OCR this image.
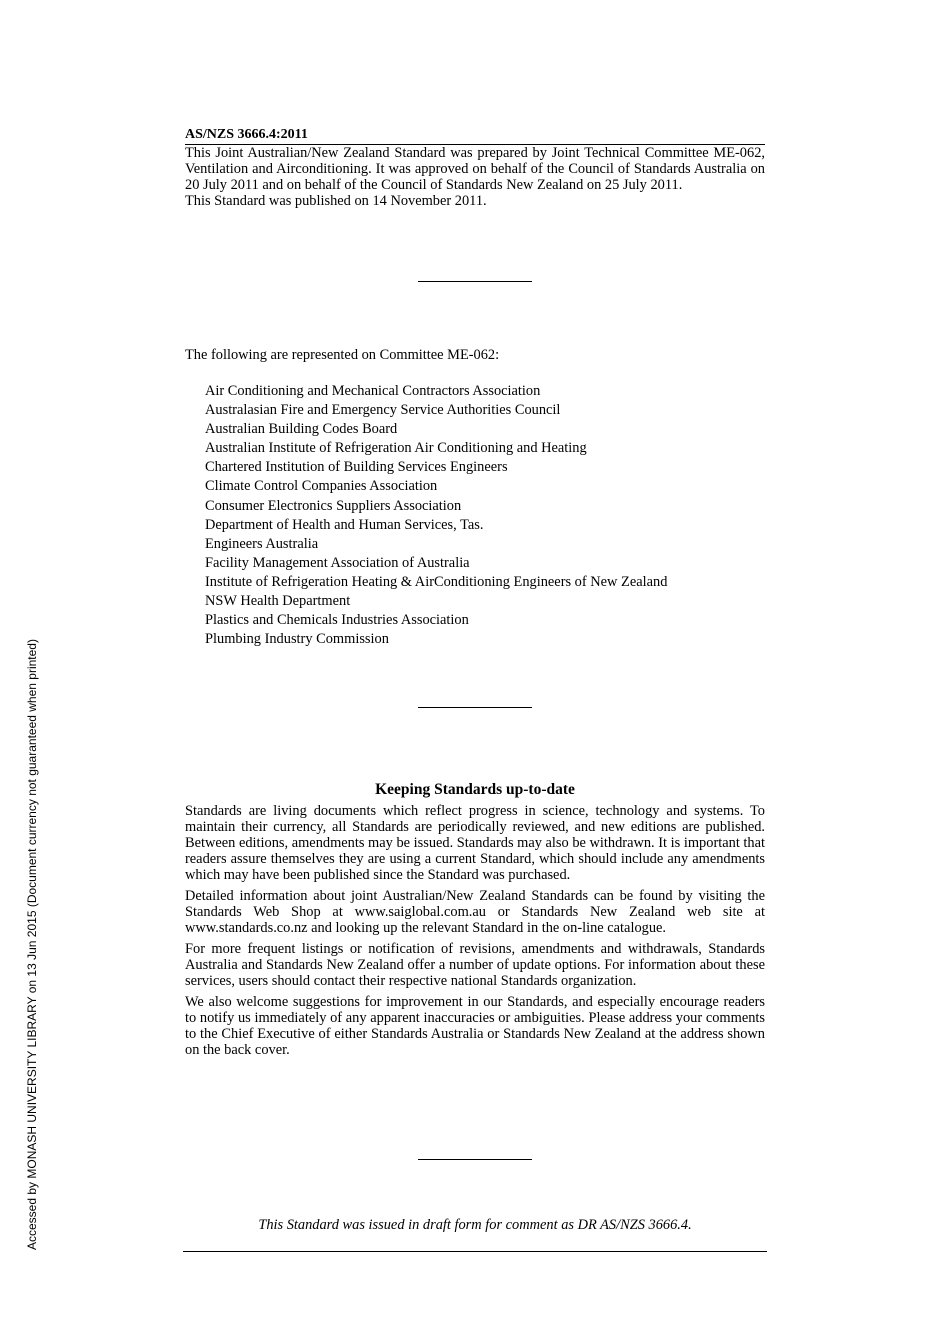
Accessed by MONASH UNIVERSITY LIBRARY on 13 Jun 2015 (Document currency not guaranteed when printed)
AS/NZS 3666.4:2011

This Joint Australian/New Zealand Standard was prepared by Joint Technical Committee ME-062, Ventilation and Airconditioning. It was approved on behalf of the Council of Standards Australia on 20 July 2011 and on behalf of the Council of Standards New Zealand on 25 July 2011.

This Standard was published on 14 November 2011.

The following are represented on Committee ME-062:
Air Conditioning and Mechanical Contractors Association
Australasian Fire and Emergency Service Authorities Council
Australian Building Codes Board
Australian Institute of Refrigeration Air Conditioning and Heating
Chartered Institution of Building Services Engineers
Climate Control Companies Association
Consumer Electronics Suppliers Association
Department of Health and Human Services, Tas.
Engineers Australia
Facility Management Association of Australia
Institute of Refrigeration Heating & AirConditioning Engineers of New Zealand
NSW Health Department
Plastics and Chemicals Industries Association
Plumbing Industry Commission
Keeping Standards up-to-date

Standards are living documents which reflect progress in science, technology and systems. To maintain their currency, all Standards are periodically reviewed, and new editions are published. Between editions, amendments may be issued. Standards may also be withdrawn. It is important that readers assure themselves they are using a current Standard, which should include any amendments which may have been published since the Standard was purchased.

Detailed information about joint Australian/New Zealand Standards can be found by visiting the Standards Web Shop at www.saiglobal.com.au or Standards New Zealand web site at www.standards.co.nz and looking up the relevant Standard in the on-line catalogue.

For more frequent listings or notification of revisions, amendments and withdrawals, Standards Australia and Standards New Zealand offer a number of update options. For information about these services, users should contact their respective national Standards organization.

We also welcome suggestions for improvement in our Standards, and especially encourage readers to notify us immediately of any apparent inaccuracies or ambiguities. Please address your comments to the Chief Executive of either Standards Australia or Standards New Zealand at the address shown on the back cover.

This Standard was issued in draft form for comment as DR AS/NZS 3666.4.
